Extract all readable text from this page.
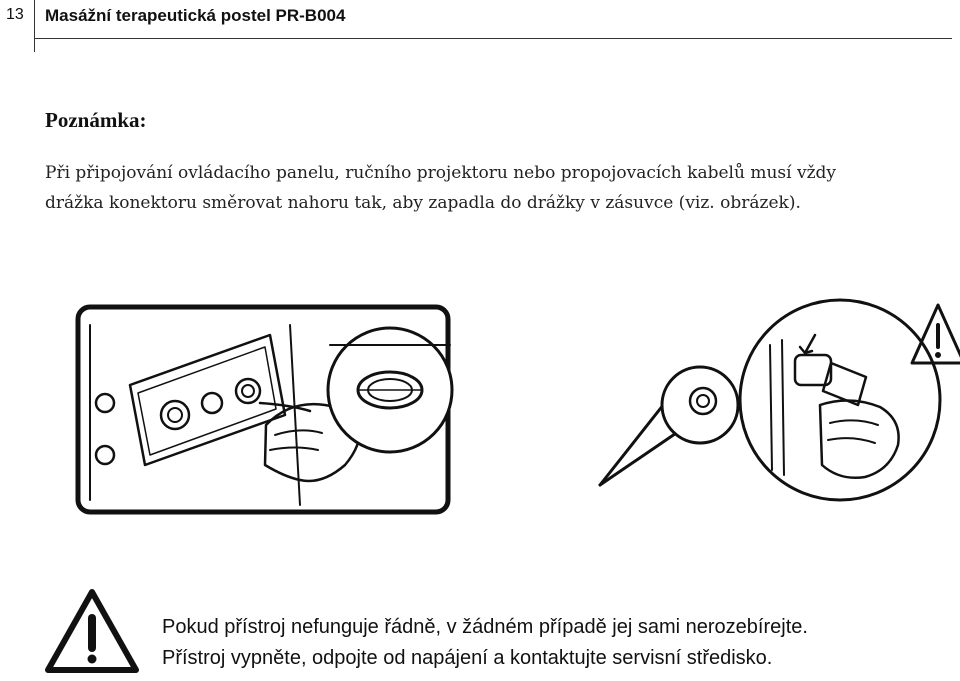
13 Masážní terapeutická postel PR-B004
Poznámka:

Při připojování ovládacího panelu, ručního projektoru nebo propojovacích kabelů musí vždy
drážka konektoru směrovat nahoru tak, aby zapadla do drážky v zásuvce (viz. obrázek).

Pokud přístroj nefunguje řádně, v žádném případě jej sami nerozebírejte.
Přístroj vypněte, odpojte od napájení a kontaktujte servisní středisko.
